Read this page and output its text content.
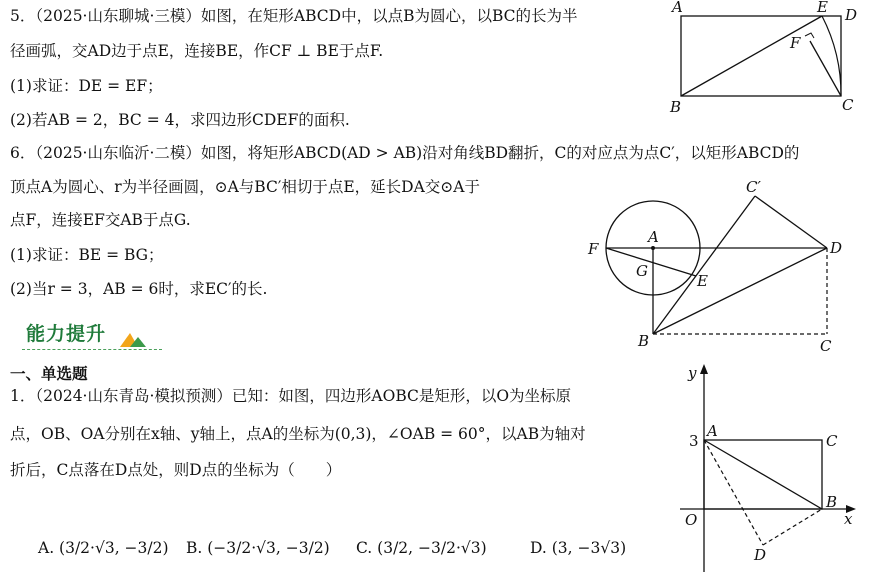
5．（2025·山东聊城·三模）如图，在矩形ABCD中，以点B为圆心，以BC的长为半
径画弧，交AD边于点E，连接BE，作CF ⊥ BE于点F.
(1)求证：DE = EF；
(2)若AB = 2，BC = 4，求四边形CDEF的面积.
6．（2025·山东临沂·二模）如图，将矩形ABCD(AD > AB)沿对角线BD翻折，C的对应点为点C′，以矩形ABCD的
顶点A为圆心、r为半径画圆，⊙A与BC′相切于点E，延长DA交⊙A于
点F，连接EF交AB于点G.
(1)求证：BE = BG；
(2)当r = 3，AB = 6时，求EC′的长.
能力提升
一、单选题
1．（2024·山东青岛·模拟预测）已知：如图，四边形AOBC是矩形，以O为坐标原
点，OB、OA分别在x轴、y轴上，点A的坐标为(0,3)，∠OAB = 60°，以AB为轴对
折后，C点落在D点处，则D点的坐标为（　　）
A. (3/2·√3, −3/2) B. (−3/2·√3, −3/2) C. (3/2, −3/2·√3)	D. (3, −3√3)
A	E D
F
B	C
A
F
G
E
C′
D
B	C
y
x
O
3
A
C
B
D
